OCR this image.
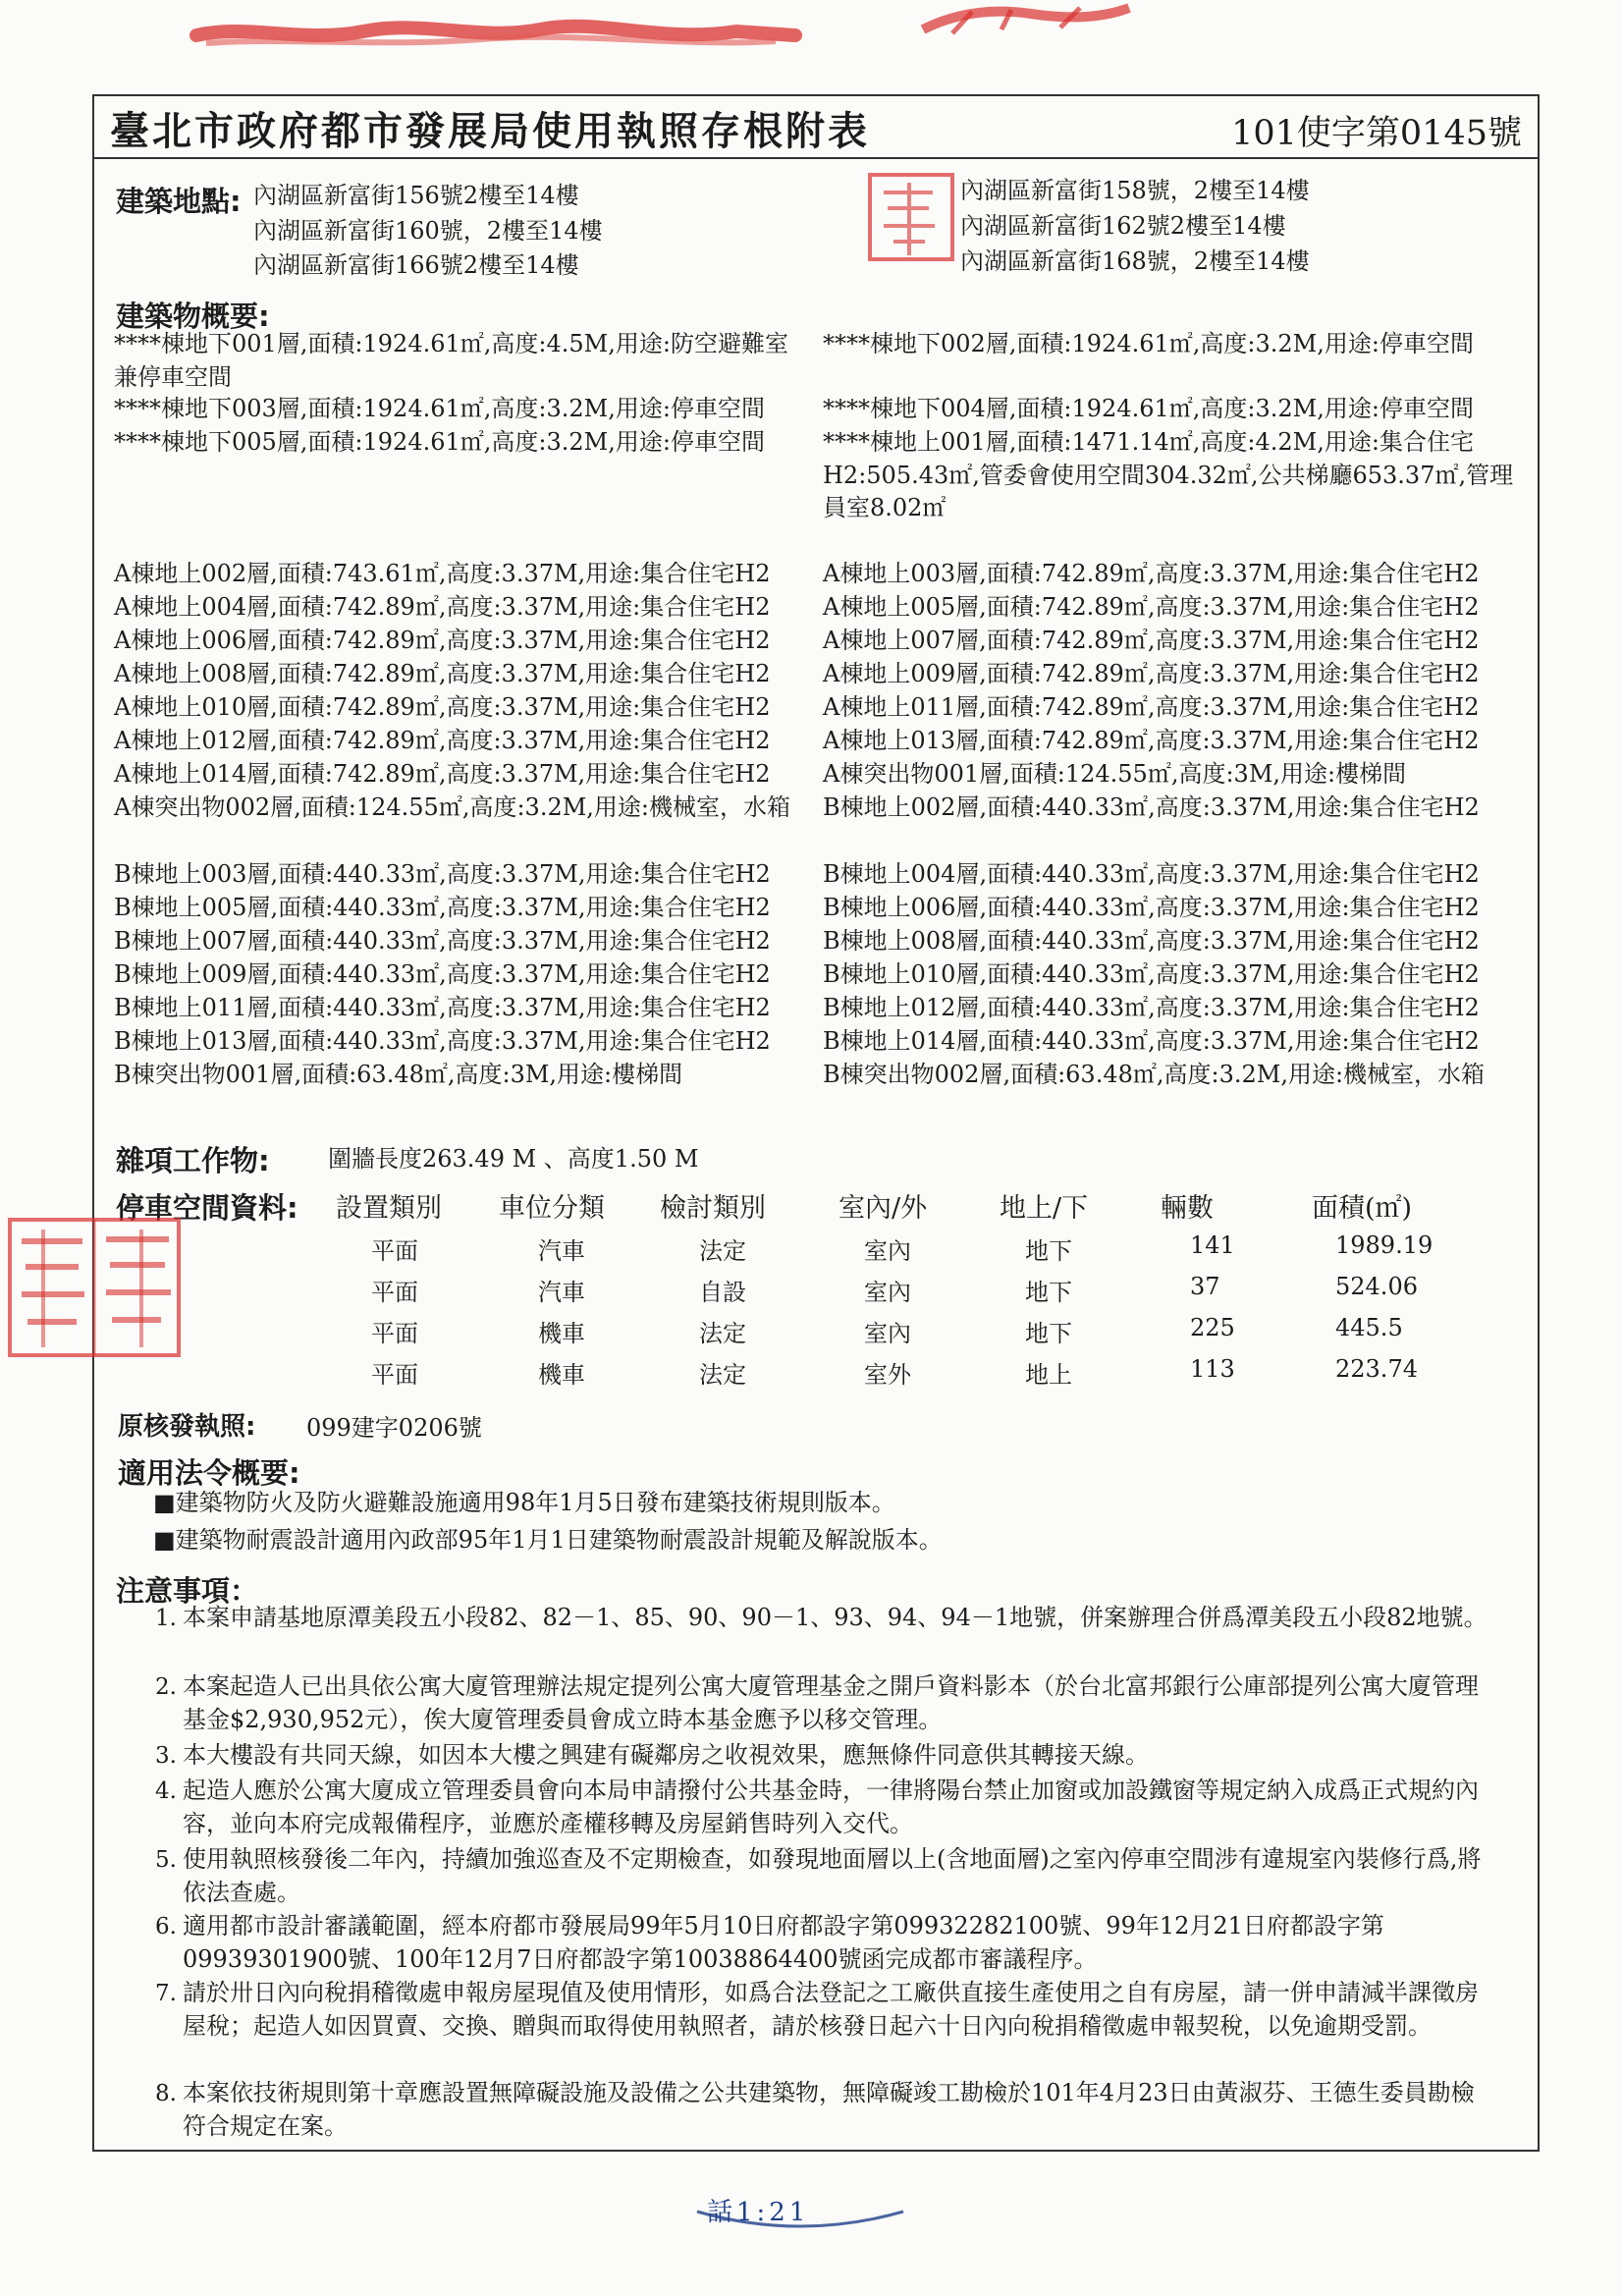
臺北市政府都市發展局使用執照存根附表	101使字第0145號
建築地點: 內湖區新富街156號2樓至14樓	內湖區新富街158號，2樓至14樓
內湖區新富街160號，2樓至14樓	內湖區新富街162號2樓至14樓
內湖區新富街166號2樓至14樓	內湖區新富街168號，2樓至14樓
建築物概要:
****棟地下001層,面積:1924.61㎡,高度:4.5M,用途:防空避難室兼停車空間
****棟地下003層,面積:1924.61㎡,高度:3.2M,用途:停車空間
****棟地下005層,面積:1924.61㎡,高度:3.2M,用途:停車空間
****棟地下002層,面積:1924.61㎡,高度:3.2M,用途:停車空間
****棟地下004層,面積:1924.61㎡,高度:3.2M,用途:停車空間
****棟地上001層,面積:1471.14㎡,高度:4.2M,用途:集合住宅H2:505.43㎡,管委會使用空間304.32㎡,公共梯廳653.37㎡,管理員室8.02㎡
A棟地上002層,面積:743.61㎡,高度:3.37M,用途:集合住宅H2
A棟地上004層,面積:742.89㎡,高度:3.37M,用途:集合住宅H2
A棟地上006層,面積:742.89㎡,高度:3.37M,用途:集合住宅H2
A棟地上008層,面積:742.89㎡,高度:3.37M,用途:集合住宅H2
A棟地上010層,面積:742.89㎡,高度:3.37M,用途:集合住宅H2
A棟地上012層,面積:742.89㎡,高度:3.37M,用途:集合住宅H2
A棟地上014層,面積:742.89㎡,高度:3.37M,用途:集合住宅H2
A棟突出物002層,面積:124.55㎡,高度:3.2M,用途:機械室，水箱
A棟地上003層,面積:742.89㎡,高度:3.37M,用途:集合住宅H2
A棟地上005層,面積:742.89㎡,高度:3.37M,用途:集合住宅H2
A棟地上007層,面積:742.89㎡,高度:3.37M,用途:集合住宅H2
A棟地上009層,面積:742.89㎡,高度:3.37M,用途:集合住宅H2
A棟地上011層,面積:742.89㎡,高度:3.37M,用途:集合住宅H2
A棟地上013層,面積:742.89㎡,高度:3.37M,用途:集合住宅H2
A棟突出物001層,面積:124.55㎡,高度:3M,用途:樓梯間
B棟地上002層,面積:440.33㎡,高度:3.37M,用途:集合住宅H2
B棟地上003層,面積:440.33㎡,高度:3.37M,用途:集合住宅H2
B棟地上005層,面積:440.33㎡,高度:3.37M,用途:集合住宅H2
B棟地上007層,面積:440.33㎡,高度:3.37M,用途:集合住宅H2
B棟地上009層,面積:440.33㎡,高度:3.37M,用途:集合住宅H2
B棟地上011層,面積:440.33㎡,高度:3.37M,用途:集合住宅H2
B棟地上013層,面積:440.33㎡,高度:3.37M,用途:集合住宅H2
B棟突出物001層,面積:63.48㎡,高度:3M,用途:樓梯間
B棟地上004層,面積:440.33㎡,高度:3.37M,用途:集合住宅H2
B棟地上006層,面積:440.33㎡,高度:3.37M,用途:集合住宅H2
B棟地上008層,面積:440.33㎡,高度:3.37M,用途:集合住宅H2
B棟地上010層,面積:440.33㎡,高度:3.37M,用途:集合住宅H2
B棟地上012層,面積:440.33㎡,高度:3.37M,用途:集合住宅H2
B棟地上014層,面積:440.33㎡,高度:3.37M,用途:集合住宅H2
B棟突出物002層,面積:63.48㎡,高度:3.2M,用途:機械室，水箱
雜項工作物: 圍牆長度263.49 M 、高度1.50 M
停車空間資料: 設置類別 車位分類 檢討類別	室內/外	地上/下	輛數	面積(㎡)
平面	汽車	法定	室內	地下	141	1989.19
平面	汽車	自設	室內	地下	37	524.06
平面	機車	法定	室內	地下	225	445.5
平面	機車	法定	室外	地上	113	223.74
原核發執照: 099建字0206號
適用法令概要:
■建築物防火及防火避難設施適用98年1月5日發布建築技術規則版本。
■建築物耐震設計適用內政部95年1月1日建築物耐震設計規範及解說版本。
注意事項：
1. 本案申請基地原潭美段五小段82、82－1、85、90、90－1、93、94、94－1地號，併案辦理合併爲潭美段五小段82地號。
2. 本案起造人已出具依公寓大廈管理辦法規定提列公寓大廈管理基金之開戶資料影本（於台北富邦銀行公庫部提列公寓大廈管理基金$2,930,952元），俟大廈管理委員會成立時本基金應予以移交管理。
3. 本大樓設有共同天線，如因本大樓之興建有礙鄰房之收視效果，應無條件同意供其轉接天線。
4. 起造人應於公寓大廈成立管理委員會向本局申請撥付公共基金時，一律將陽台禁止加窗或加設鐵窗等規定納入成爲正式規約內容，並向本府完成報備程序，並應於產權移轉及房屋銷售時列入交代。
5. 使用執照核發後二年內，持續加強巡查及不定期檢查，如發現地面層以上(含地面層)之室內停車空間涉有違規室內裝修行爲,將依法查處。
6. 適用都市設計審議範圍，經本府都市發展局99年5月10日府都設字第09932282100號、99年12月21日府都設字第09939301900號、100年12月7日府都設字第10038864400號函完成都市審議程序。
7. 請於卅日內向稅捐稽徵處申報房屋現值及使用情形，如爲合法登記之工廠供直接生產使用之自有房屋，請一併申請減半課徵房屋稅；起造人如因買賣、交換、贈與而取得使用執照者，請於核發日起六十日內向稅捐稽徵處申報契稅，以免逾期受罰。
8. 本案依技術規則第十章應設置無障礙設施及設備之公共建築物，無障礙竣工勘檢於101年4月23日由黃淑芬、王德生委員勘檢符合規定在案。
話1:21
